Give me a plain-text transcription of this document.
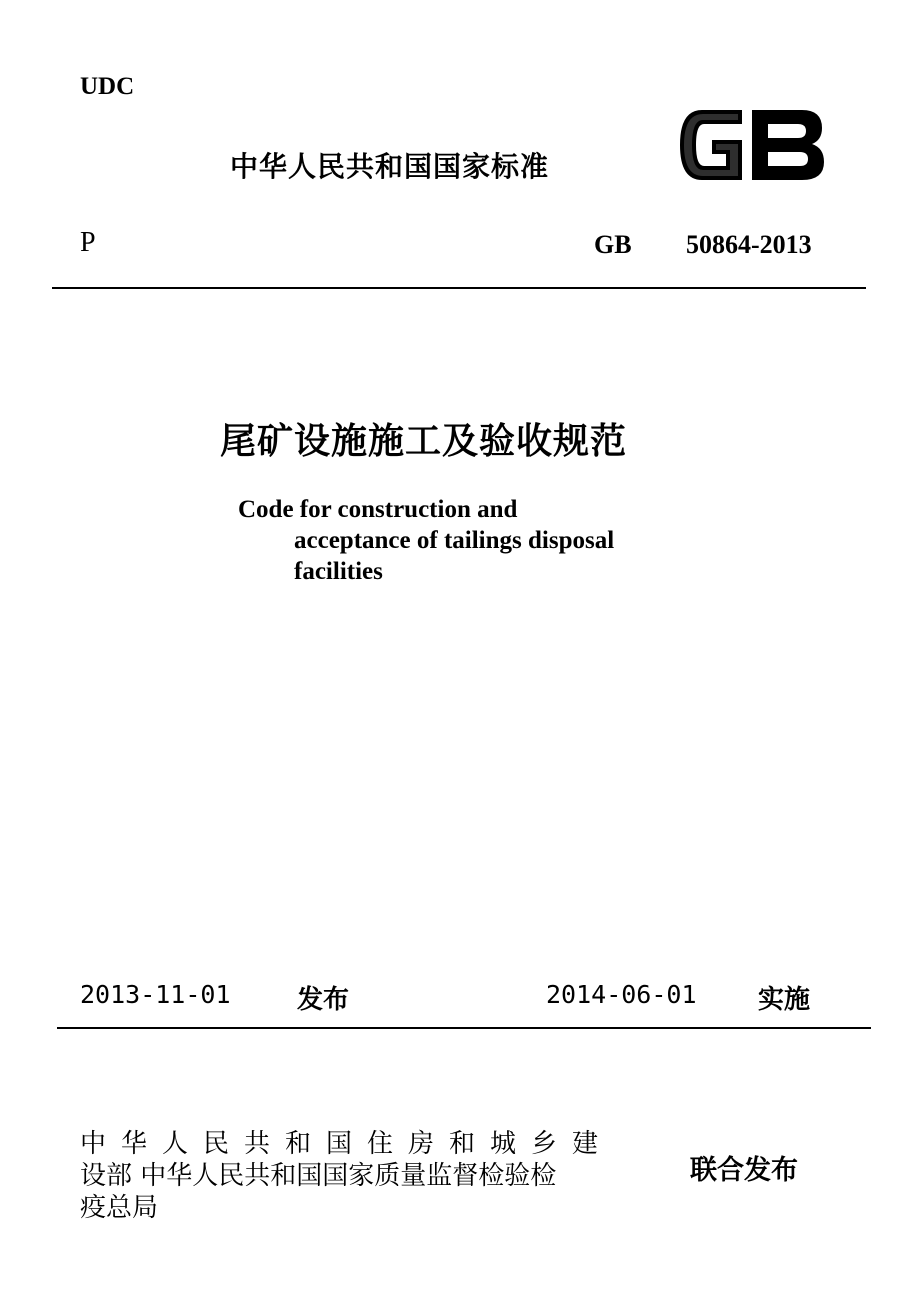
UDC
中华人民共和国国家标准
P	GB 50864-2013
尾矿设施施工及验收规范
Code for construction and
acceptance of tailings disposal
facilities
2013-11-01	发布	2014-06-01 实施
中华人民共和国住房和城乡建
设部 中华人民共和国国家质量监督检验检
疫总局
联合发布
